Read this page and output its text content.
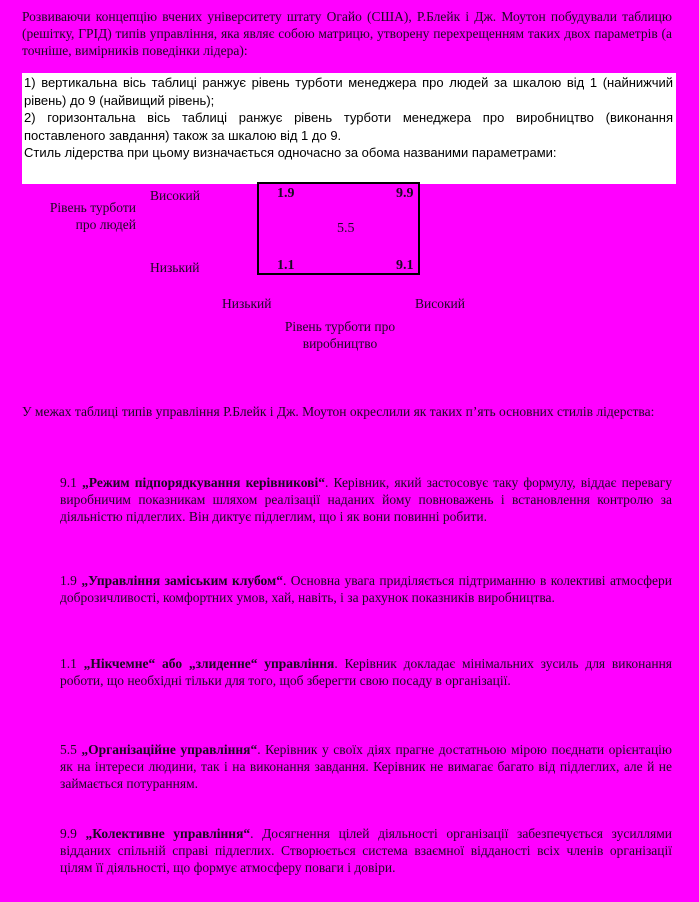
Розвиваючи концепцію вчених університету штату Огайо (США), Р.Блейк і Дж. Моутон побудували таблицю (решітку, ГРІД) типів управління, яка являє собою матрицю, утворену перехрещенням таких двох параметрів (а точніше, вимірників поведінки лідера):

1) вертикальна вісь таблиці ранжує рівень турботи менеджера про людей за шкалою від 1 (найнижчий рівень) до 9 (найвищий рівень);

2) горизонтальна вісь таблиці ранжує рівень турботи менеджера про виробництво (виконання поставленого завдання) також за шкалою від 1 до 9.

Стиль лідерства при цьому визначається одночасно за обома названими параметрами:

Рівень турботи про людей
Високий
Низький
1.9	9.9
5.5
1.1	9.1
Низький	Високий
Рівень турботи про виробництво
У межах таблиці типів управління Р.Блейк і Дж. Моутон окреслили як таких п’ять основних стилів лідерства:
9.1 „Режим підпорядкування керівникові“. Керівник, який застосовує таку формулу, віддає перевагу виробничим показникам шляхом реалізації наданих йому повноважень і встановлення контролю за діяльністю підлеглих. Він диктує підлеглим, що і як вони повинні робити.
1.9 „Управління заміським клубом“. Основна увага приділяється підтриманню в колективі атмосфери доброзичливості, комфортних умов, хай, навіть, і за рахунок показників виробництва.
1.1 „Нікчемне“ або „злиденне“ управління. Керівник докладає мінімальних зусиль для виконання роботи, що необхідні тільки для того, щоб зберегти свою посаду в організації.
5.5 „Організаційне управління“. Керівник у своїх діях прагне достатньою мірою поєднати орієнтацію як на інтереси людини, так і на виконання завдання. Керівник не вимагає багато від підлеглих, але й не займається потуранням.
9.9 „Колективне управління“. Досягнення цілей діяльності організації забезпечується зусиллями відданих спільній справі підлеглих. Створюється система взаємної відданості всіх членів організації цілям її діяльності, що формує атмосферу поваги і довіри.
